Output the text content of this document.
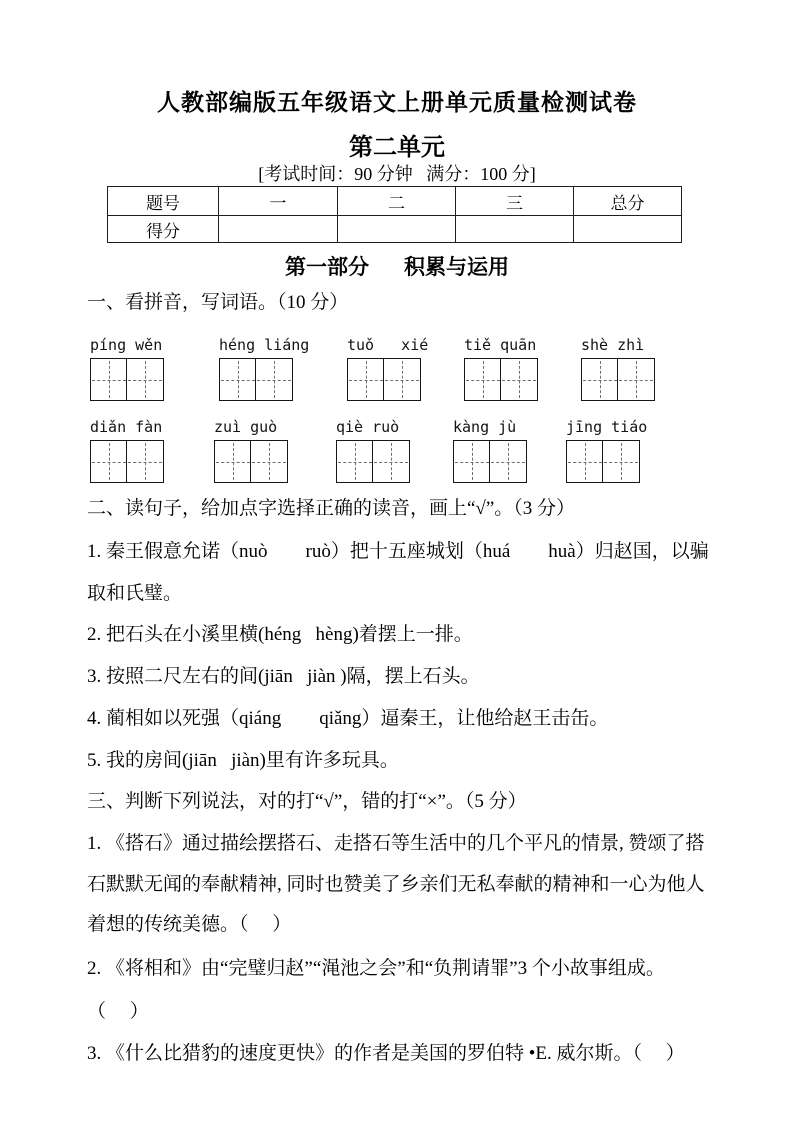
人教部编版五年级语文上册单元质量检测试卷
第二单元
[考试时间：90 分钟   满分：100 分]
题号	一	二	三	总分
得分				
第一部分      积累与运用
一、看拼音，写词语。（10 分）
píng wěn	héng liáng	tuǒ   xié tiě quān	shè zhì
diǎn fàn	zuì guò	qiè ruò	kàng jù	jīng tiáo
二、读句子，给加点字选择正确的读音，画上“√”。（3 分）
1. 秦王假意允诺（nuò        ruò）把十五座城划（huá        huà）归赵国，以骗
取和氏璧。
2. 把石头在小溪里横(héng   hèng)着摆上一排。
3. 按照二尺左右的间(jiān   jiàn )隔，摆上石头。
4. 蔺相如以死强（qiáng        qiǎng）逼秦王，让他给赵王击缶。
5. 我的房间(jiān   jiàn)里有许多玩具。
三、判断下列说法，对的打“√”，错的打“×”。（5 分）
1. 《搭石》通过描绘摆搭石、走搭石等生活中的几个平凡的情景, 赞颂了搭
石默默无闻的奉献精神, 同时也赞美了乡亲们无私奉献的精神和一心为他人
着想的传统美德。（     ）
2. 《将相和》由“完璧归赵”“渑池之会”和“负荆请罪”3 个小故事组成。
（     ）
3. 《什么比猎豹的速度更快》的作者是美国的罗伯特 •E. 威尔斯。（     ）
